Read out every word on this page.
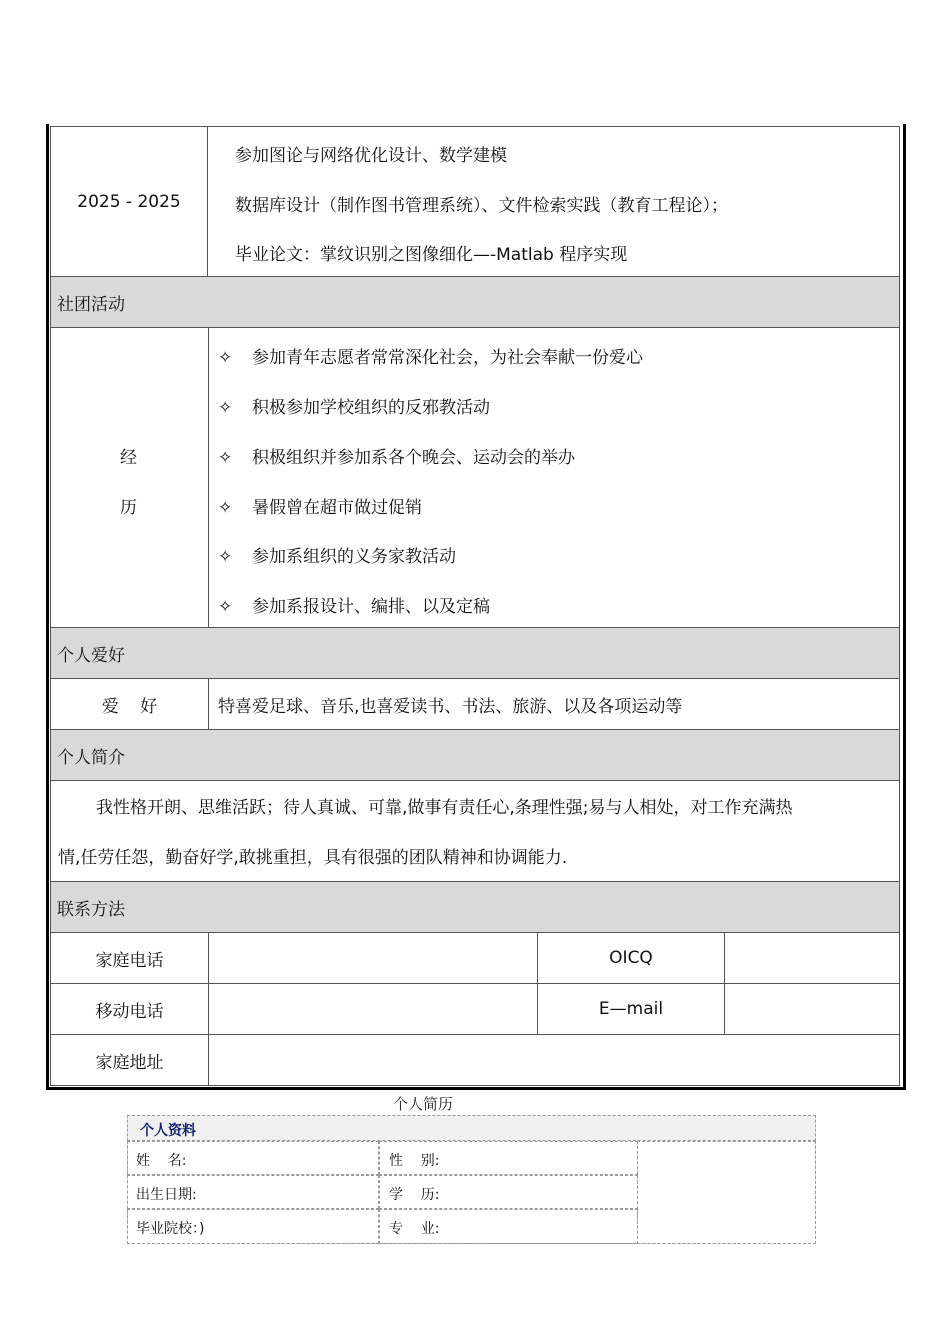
2025 - 2025
参加图论与网络优化设计、数学建模
数据库设计（制作图书管理系统）、文件检索实践（教育工程论）；
毕业论文：掌纹识别之图像细化—-Matlab 程序实现
社团活动
经
历
✧ 参加青年志愿者常常深化社会，为社会奉献一份爱心
✧ 积极参加学校组织的反邪教活动
✧ 积极组织并参加系各个晚会、运动会的举办
✧ 暑假曾在超市做过促销
✧ 参加系组织的义务家教活动
✧ 参加系报设计、编排、以及定稿
个人爱好
爱    好	特喜爱足球、音乐,也喜爱读书、书法、旅游、以及各项运动等
个人简介
我性格开朗、思维活跃；待人真诚、可靠,做事有责任心,条理性强;易与人相处，对工作充满热
情,任劳任怨，勤奋好学,敢挑重担，具有很强的团队精神和协调能力.
联系方法
家庭电话	OICQ
移动电话	E—mail
家庭地址
个人简历
个人资料
姓    名:	性    别:
出生日期:	学    历:
毕业院校：)	专    业:
